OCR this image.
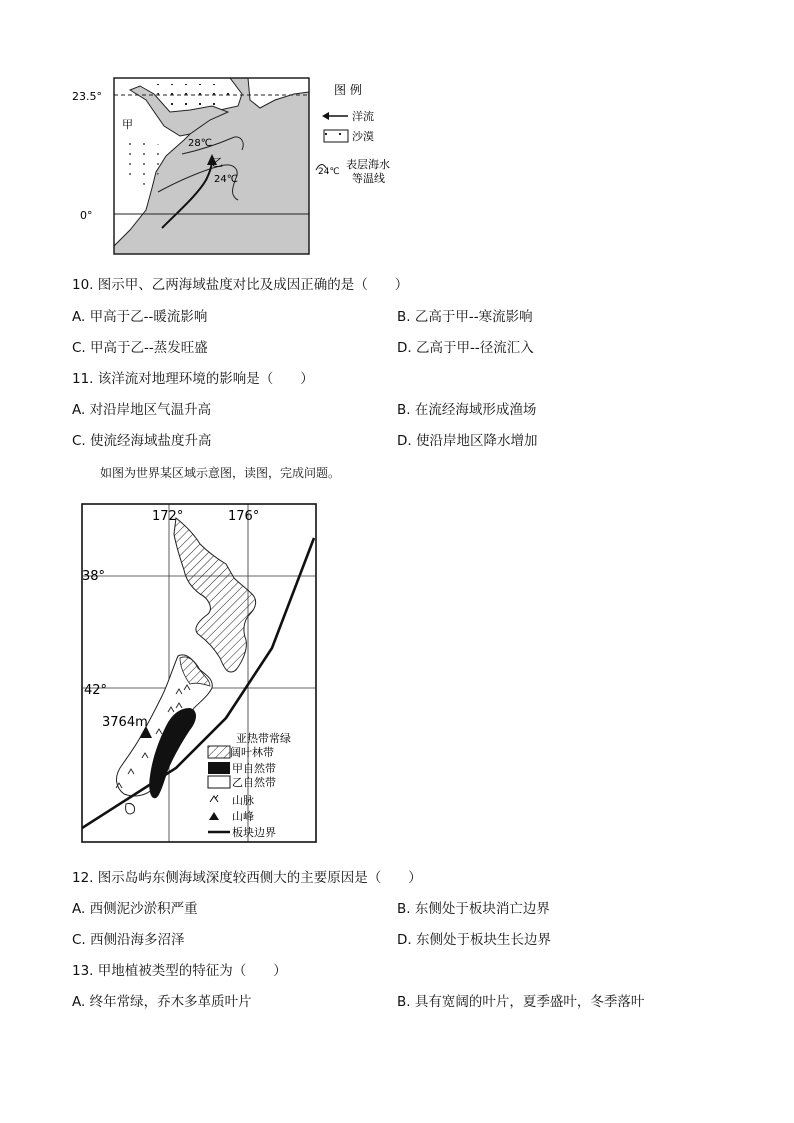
23.5°
0°
甲
乙
28℃
24℃
图 例
洋流
沙漠
24℃
表层海水
等温线
10. 图示甲、乙两海域盐度对比及成因正确的是（　　）
A. 甲高于乙--暖流影响	B. 乙高于甲--寒流影响
C. 甲高于乙--蒸发旺盛	D. 乙高于甲--径流汇入
11. 该洋流对地理环境的影响是（　　）
A. 对沿岸地区气温升高	B. 在流经海域形成渔场
C. 使流经海域盐度升高	D. 使沿岸地区降水增加
如图为世界某区域示意图，读图，完成问题。
172°	176°
38°
42°
3764m
亚热带常绿
阔叶林带
甲自然带
乙自然带
山脉
山峰
板块边界
12. 图示岛屿东侧海域深度较西侧大的主要原因是（　　）
A. 西侧泥沙淤积严重	B. 东侧处于板块消亡边界
C. 西侧沿海多沼泽	D. 东侧处于板块生长边界
13. 甲地植被类型的特征为（　　）
A. 终年常绿，乔木多革质叶片	B. 具有宽阔的叶片，夏季盛叶，冬季落叶
